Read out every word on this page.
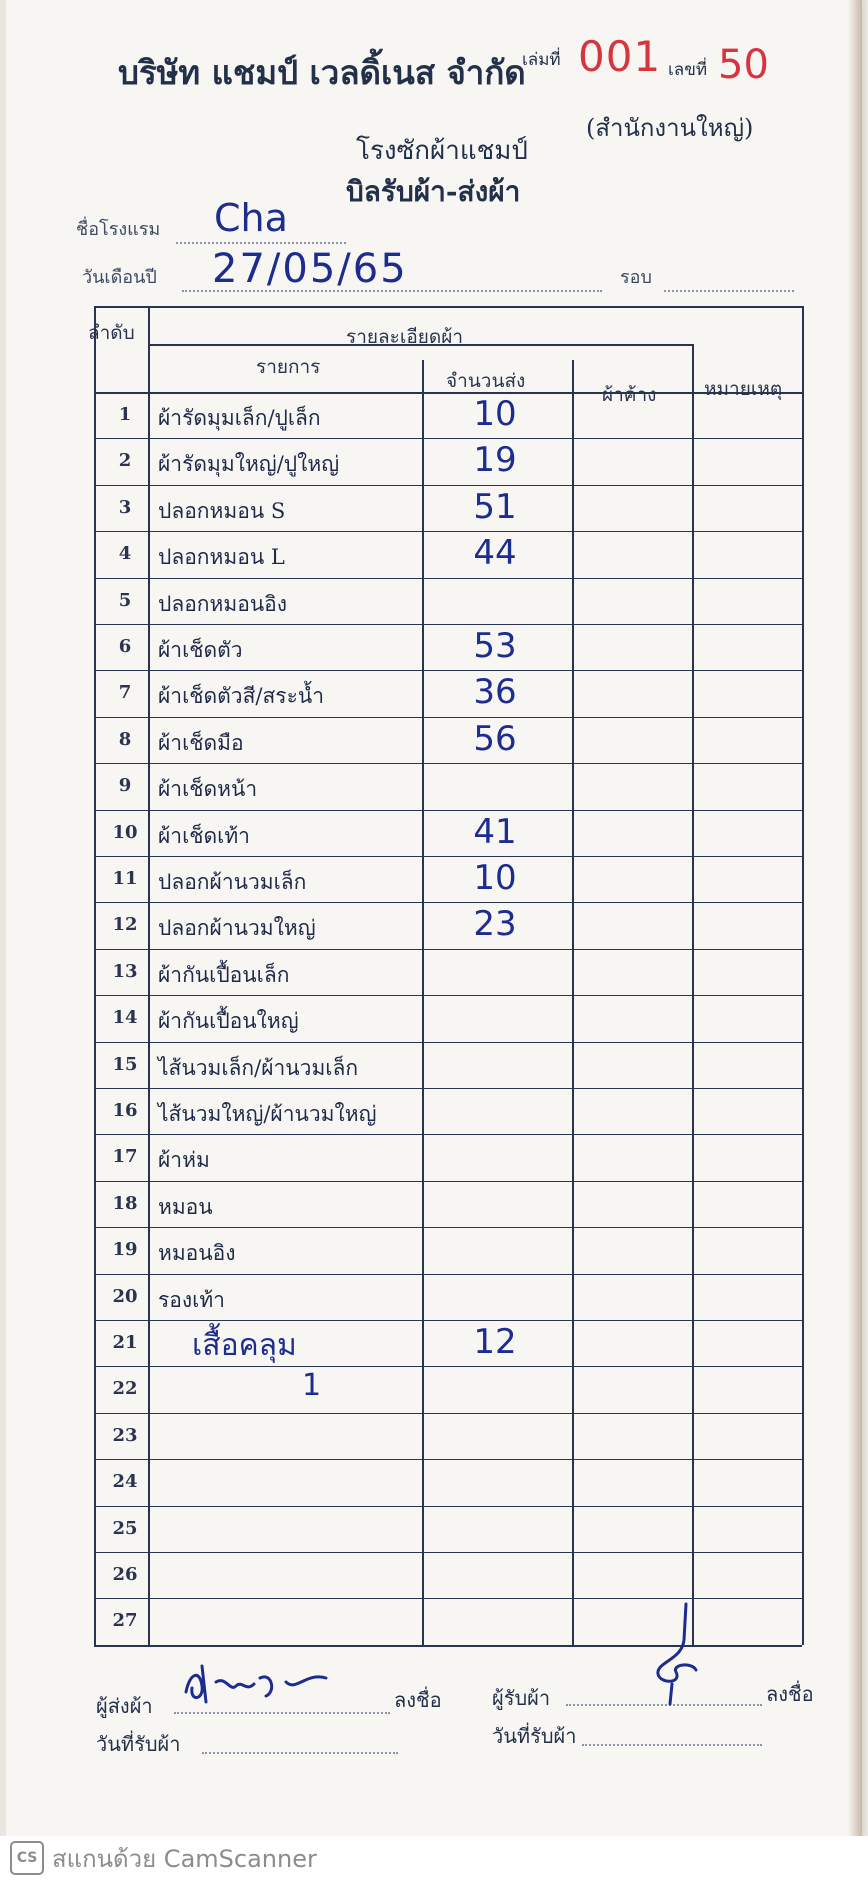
เล่มที่ 001 เลขที่ 50
บริษัท แชมป์ เวลดิ้เนส จำกัด
(สำนักงานใหญ่)
โรงซักผ้าแชมป์
บิลรับผ้า-ส่งผ้า
ชื่อโรงแรม Cha
วันเดือนปี 27/05/65	รอบ
ลำดับ	รายละเอียดผ้า
รายการ
จำนวนส่ง
ผ้าค้าง	หมายเหตุ
1	ผ้ารัดมุมเล็ก/ปูเล็ก	10
2	ผ้ารัดมุมใหญ่/ปูใหญ่	19
3	ปลอกหมอน S	51
4	ปลอกหมอน L	44
5	ปลอกหมอนอิง
6	ผ้าเช็ดตัว	53
7	ผ้าเช็ดตัวสี/สระน้ำ	36
8	ผ้าเช็ดมือ	56
9	ผ้าเช็ดหน้า
10 ผ้าเช็ดเท้า	41
11 ปลอกผ้านวมเล็ก	10
12 ปลอกผ้านวมใหญ่	23
13 ผ้ากันเปื้อนเล็ก
14 ผ้ากันเปื้อนใหญ่
15 ไส้นวมเล็ก/ผ้านวมเล็ก
16 ไส้นวมใหญ่/ผ้านวมใหญ่
17 ผ้าห่ม
18 หมอน
19 หมอนอิง
20 รองเท้า
21	เสื้อคลุม	12
22	1
23
24
25
26
27
ผู้ส่งผ้า	ลงชื่อ
วันที่รับผ้า
ผู้รับผ้า	ลงชื่อ
วันที่รับผ้า
CS สแกนด้วย CamScanner
